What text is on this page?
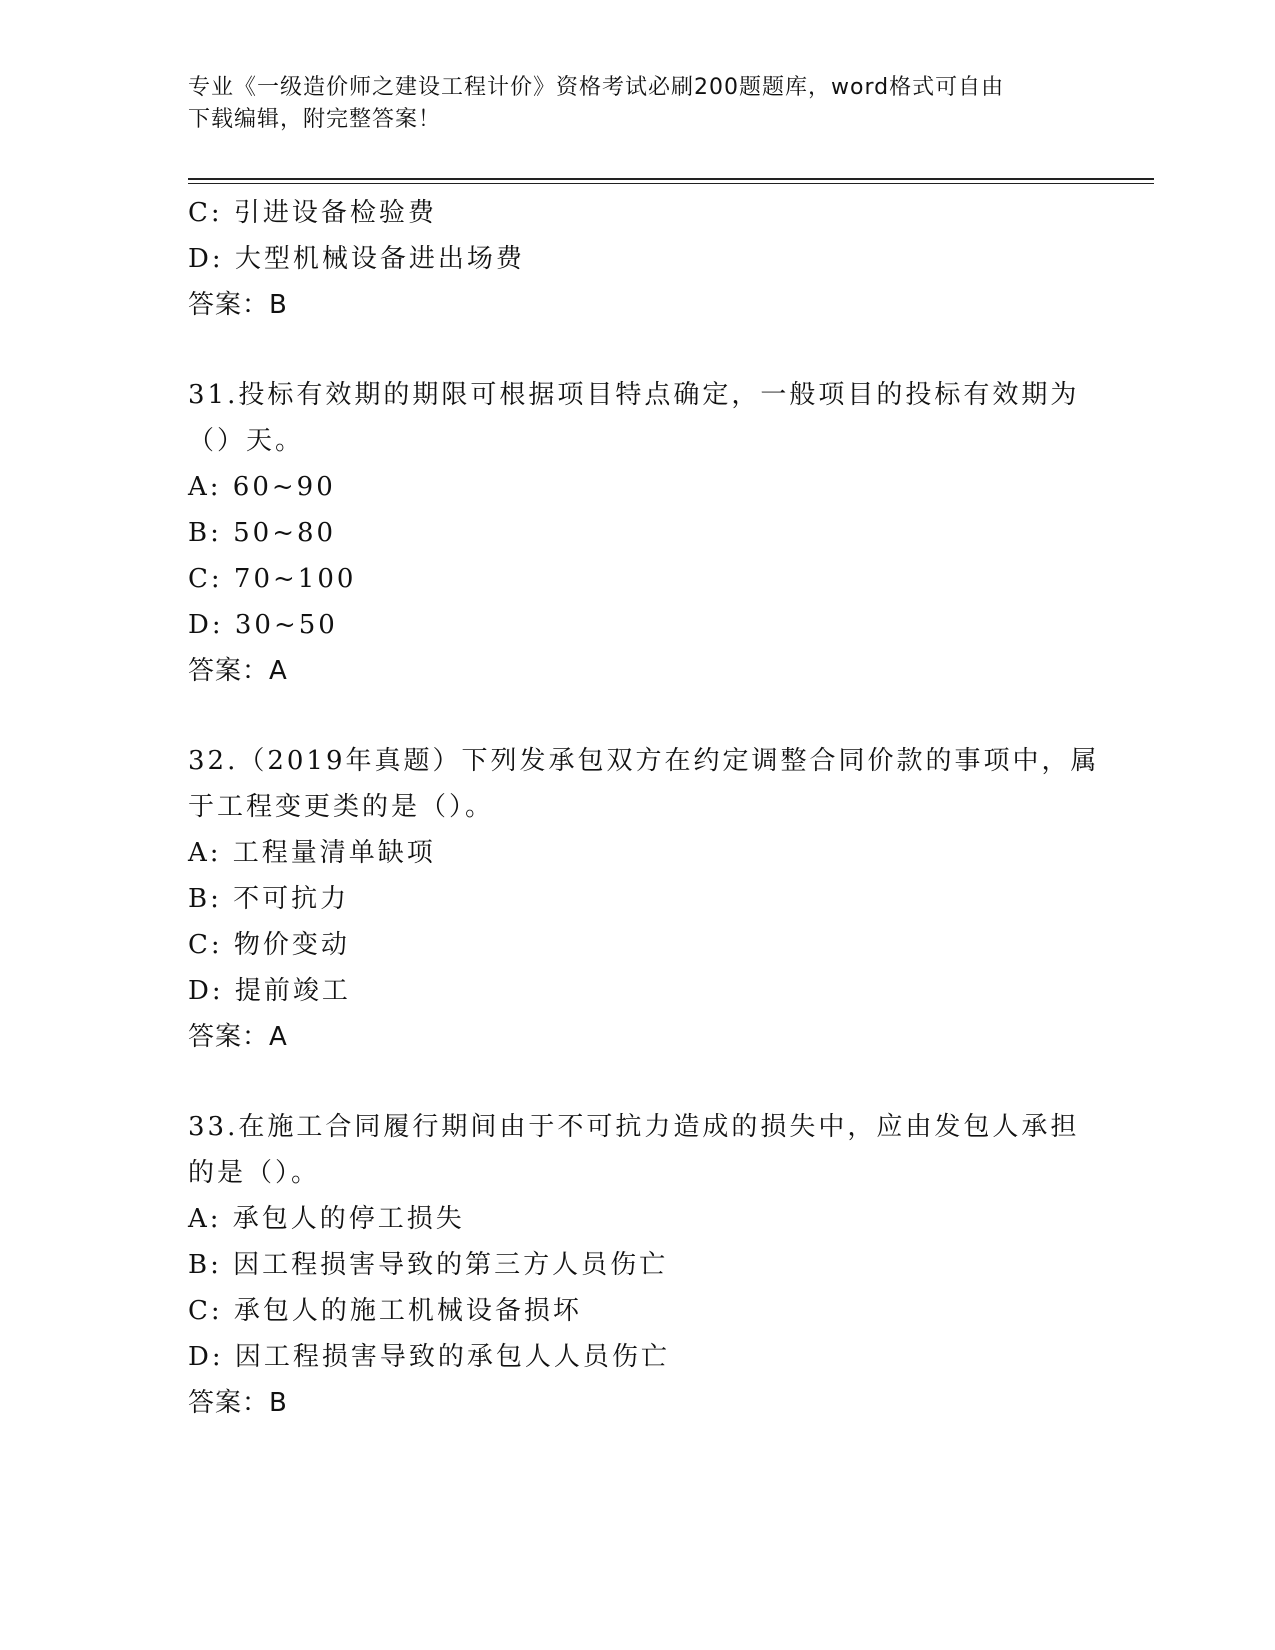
专业《一级造价师之建设工程计价》资格考试必刷200题题库，word格式可自由
下载编辑，附完整答案！
C: 引进设备检验费
D: 大型机械设备进出场费
答案：B
31.投标有效期的期限可根据项目特点确定，一般项目的投标有效期为
（）天。
A: 60~90
B: 50~80
C: 70~100
D: 30~50
答案：A
32.（2019年真题）下列发承包双方在约定调整合同价款的事项中，属
于工程变更类的是（）。
A: 工程量清单缺项
B: 不可抗力
C: 物价变动
D: 提前竣工
答案：A
33.在施工合同履行期间由于不可抗力造成的损失中，应由发包人承担
的是（）。
A: 承包人的停工损失
B: 因工程损害导致的第三方人员伤亡
C: 承包人的施工机械设备损坏
D: 因工程损害导致的承包人人员伤亡
答案：B
